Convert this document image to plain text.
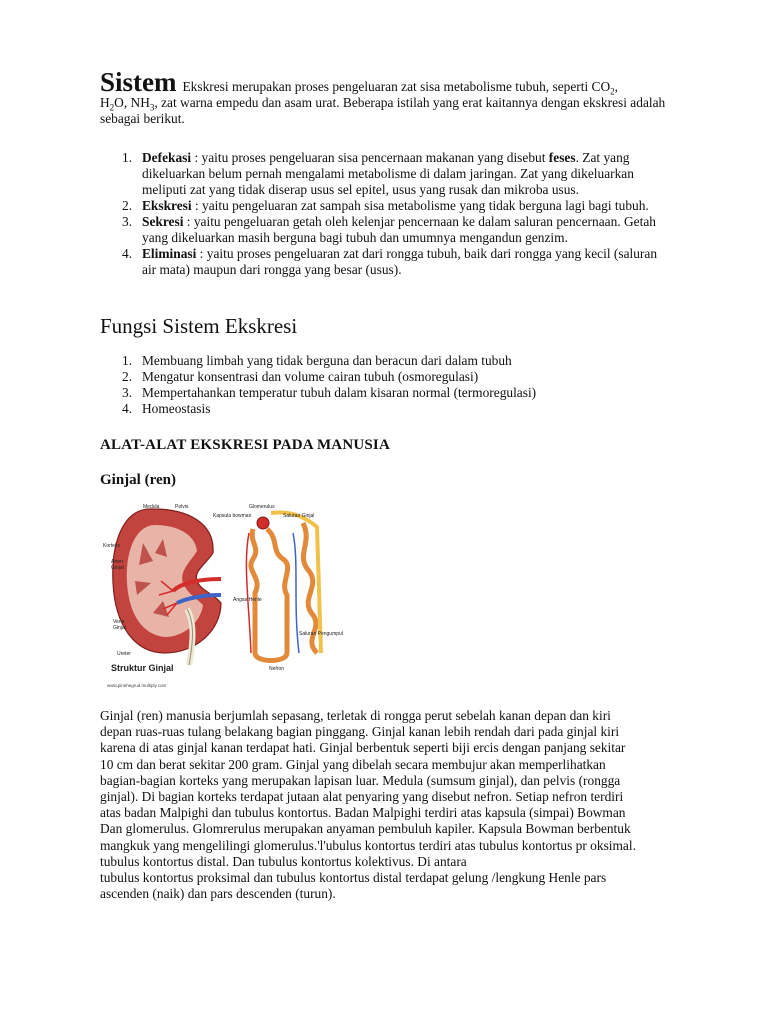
Sistem Ekskresi merupakan proses pengeluaran zat sisa metabolisme tubuh, seperti $CO_2$,
$H_2O$, $NH_3$, zat warna empedu dan asam urat. Beberapa istilah yang erat kaitannya dengan ekskresi adalah sebagai berikut.

1. Defekasi : yaitu proses pengeluaran sisa pencernaan makanan yang disebut feses. Zat yang dikeluarkan belum pernah mengalami metabolisme di dalam jaringan. Zat yang dikeluarkan meliputi zat yang tidak diserap usus sel epitel, usus yang rusak dan mikroba usus.
2. Ekskresi : yaitu pengeluaran zat sampah sisa metabolisme yang tidak berguna lagi bagi tubuh.
3. Sekresi : yaitu pengeluaran getah oleh kelenjar pencernaan ke dalam saluran pencernaan. Getah yang dikeluarkan masih berguna bagi tubuh dan umumnya mengandun genzim.
4. Eliminasi : yaitu proses pengeluaran zat dari rongga tubuh, baik dari rongga yang kecil (saluran air mata) maupun dari rongga yang besar (usus).
Fungsi Sistem Ekskresi
1. Membuang limbah yang tidak berguna dan beracun dari dalam tubuh
2. Mengatur konsentrasi dan volume cairan tubuh (osmoregulasi)
3. Mempertahankan temperatur tubuh dalam kisaran normal (termoregulasi)
4. Homeostasis
ALAT-ALAT EKSKRESI PADA MANUSIA
Ginjal (ren)
Medula	Pelvis
Korteks
Arteri
Ginjal
Vena
Ginjal
Ureter
Glomerulus
Kapsula bowman	Saluran Ginjal
Angsa Henle
Saluran Pengumpul
Nefron
Struktur Ginjal
www.pinehegrud.multiply.com

Ginjal (ren) manusia berjumlah sepasang, terletak di rongga perut sebelah kanan depan dan kiri
depan ruas-ruas tulang belakang bagian pinggang. Ginjal kanan lebih rendah dari pada ginjal kiri
karena di atas ginjal kanan terdapat hati. Ginjal berbentuk seperti biji ercis dengan panjang sekitar
10 cm dan berat sekitar 200 gram. Ginjal yang dibelah secara membujur akan memperlihatkan
bagian-bagian korteks yang merupakan lapisan luar. Medula (sumsum ginjal), dan pelvis (rongga
ginjal). Di bagian korteks terdapat jutaan alat penyaring yang disebut nefron. Setiap nefron terdiri
atas badan Malpighi dan tubulus kontortus. Badan Malpighi terdiri atas kapsula (simpai) Bowman
Dan glomerulus. Glomrerulus merupakan anyaman pembuluh kapiler. Kapsula Bowman berbentuk
mangkuk yang mengelilingi glomerulus.'l'ubulus kontortus terdiri atas tubulus kontortus pr oksimal.
tubulus kontortus distal. Dan tubulus kontortus kolektivus. Di antara
tubulus kontortus proksimal dan tubulus kontortus distal terdapat gelung /lengkung Henle pars
ascenden (naik) dan pars descenden (turun).
